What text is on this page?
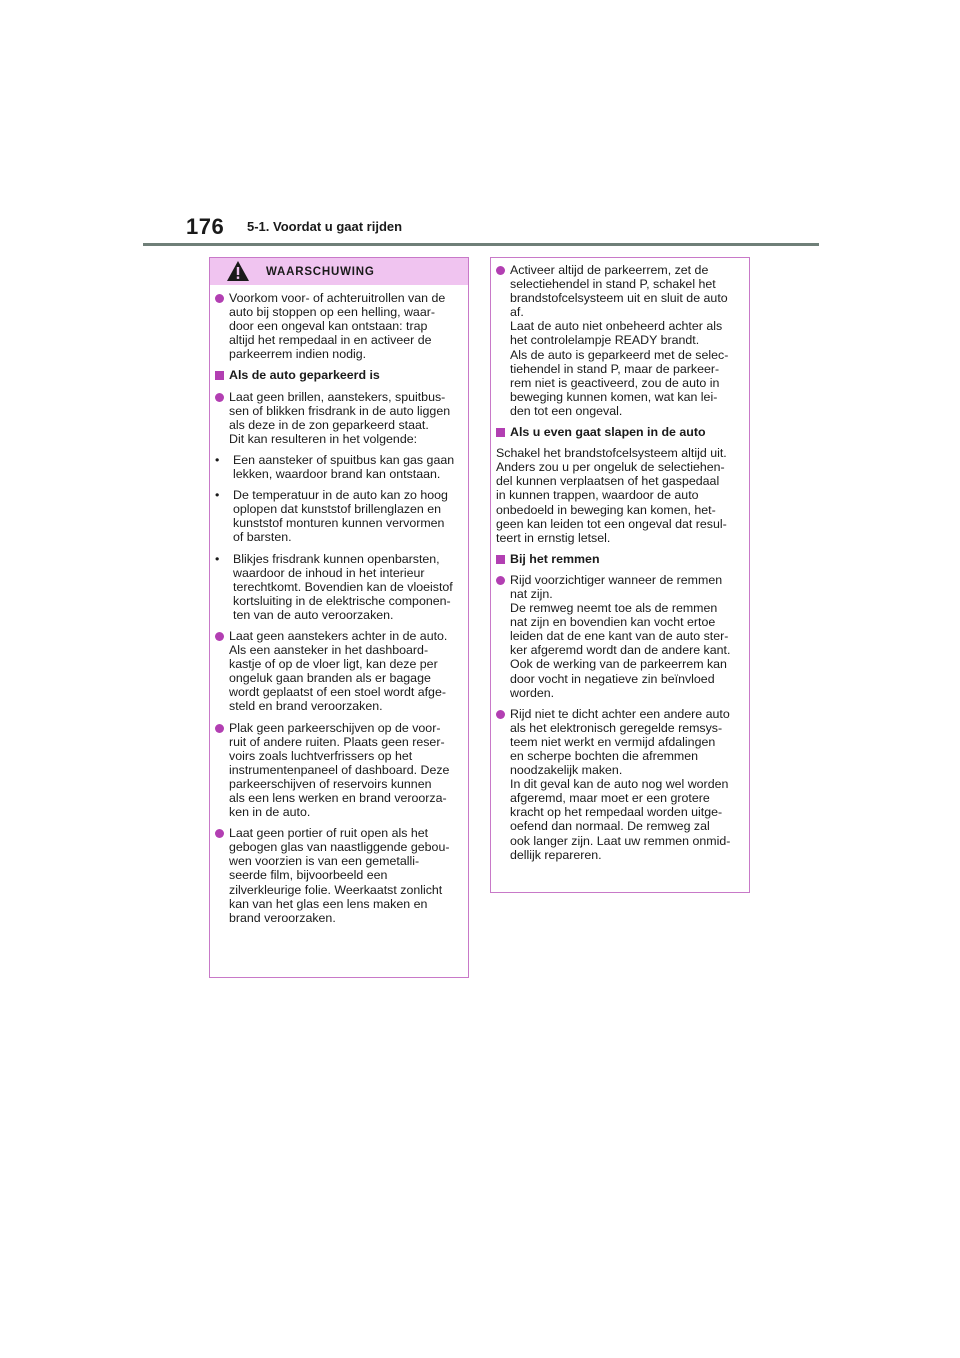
176 5-1. Voordat u gaat rijden
WAARSCHUWING
Voorkom voor- of achteruitrollen van de
auto bij stoppen op een helling, waar-
door een ongeval kan ontstaan: trap
altijd het rempedaal in en activeer de
parkeerrem indien nodig.
Als de auto geparkeerd is
Laat geen brillen, aanstekers, spuitbus-
sen of blikken frisdrank in de auto liggen
als deze in de zon geparkeerd staat.
Dit kan resulteren in het volgende:
•	Een aansteker of spuitbus kan gas gaan
lekken, waardoor brand kan ontstaan.
•	De temperatuur in de auto kan zo hoog
oplopen dat kunststof brillenglazen en
kunststof monturen kunnen vervormen
of barsten.
•	Blikjes frisdrank kunnen openbarsten,
waardoor de inhoud in het interieur
terechtkomt. Bovendien kan de vloeistof
kortsluiting in de elektrische componen-
ten van de auto veroorzaken.
Laat geen aanstekers achter in de auto.
Als een aansteker in het dashboard-
kastje of op de vloer ligt, kan deze per
ongeluk gaan branden als er bagage
wordt geplaatst of een stoel wordt afge-
steld en brand veroorzaken.
Plak geen parkeerschijven op de voor-
ruit of andere ruiten. Plaats geen reser-
voirs zoals luchtverfrissers op het
instrumentenpaneel of dashboard. Deze
parkeerschijven of reservoirs kunnen
als een lens werken en brand veroorza-
ken in de auto.
Laat geen portier of ruit open als het
gebogen glas van naastliggende gebou-
wen voorzien is van een gemetalli-
seerde film, bijvoorbeeld een
zilverkleurige folie. Weerkaatst zonlicht
kan van het glas een lens maken en
brand veroorzaken.
Activeer altijd de parkeerrem, zet de
selectiehendel in stand P, schakel het
brandstofcelsysteem uit en sluit de auto
af.
Laat de auto niet onbeheerd achter als
het controlelampje READY brandt.
Als de auto is geparkeerd met de selec-
tiehendel in stand P, maar de parkeer-
rem niet is geactiveerd, zou de auto in
beweging kunnen komen, wat kan lei-
den tot een ongeval.
Als u even gaat slapen in de auto
Schakel het brandstofcelsysteem altijd uit.
Anders zou u per ongeluk de selectiehen-
del kunnen verplaatsen of het gaspedaal
in kunnen trappen, waardoor de auto
onbedoeld in beweging kan komen, het-
geen kan leiden tot een ongeval dat resul-
teert in ernstig letsel.
Bij het remmen
Rijd voorzichtiger wanneer de remmen
nat zijn.
De remweg neemt toe als de remmen
nat zijn en bovendien kan vocht ertoe
leiden dat de ene kant van de auto ster-
ker afgeremd wordt dan de andere kant.
Ook de werking van de parkeerrem kan
door vocht in negatieve zin beïnvloed
worden.
Rijd niet te dicht achter een andere auto
als het elektronisch geregelde remsys-
teem niet werkt en vermijd afdalingen
en scherpe bochten die afremmen
noodzakelijk maken.
In dit geval kan de auto nog wel worden
afgeremd, maar moet er een grotere
kracht op het rempedaal worden uitge-
oefend dan normaal. De remweg zal
ook langer zijn. Laat uw remmen onmid-
dellijk repareren.
